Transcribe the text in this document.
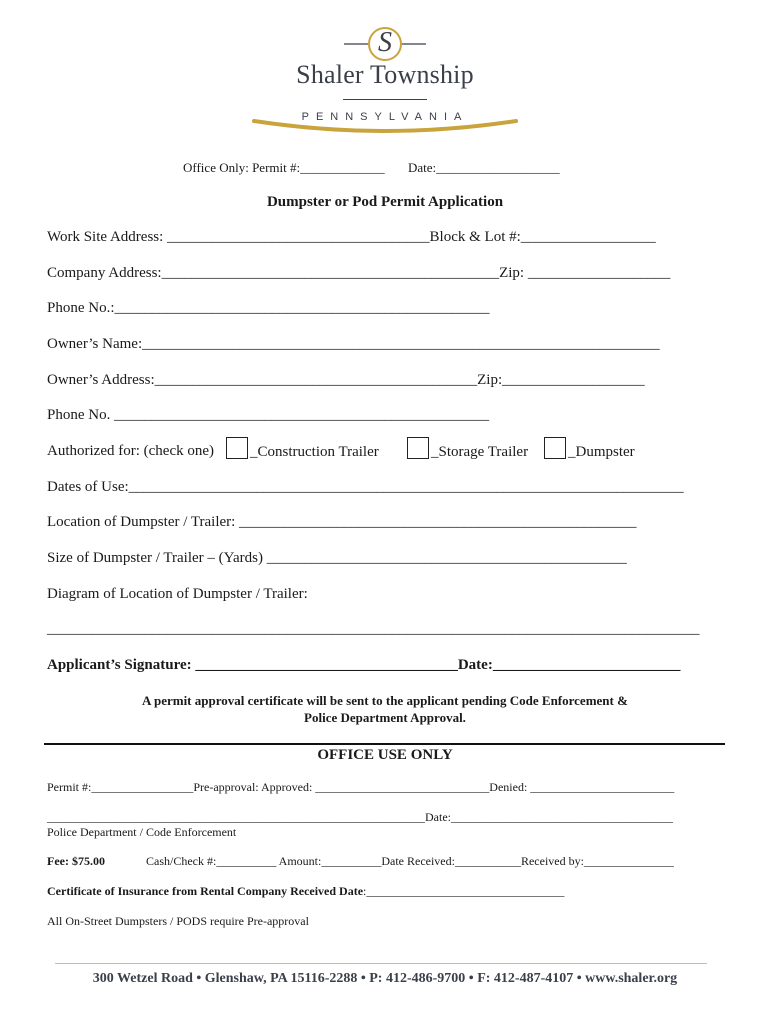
S
Shaler Township
PENNSYLVANIA
Office Only: Permit #:_____________ Date:___________________
Dumpster or Pod Permit Application
Work Site Address: ___________________________________Block & Lot #:__________________
Company Address:_____________________________________________Zip: ___________________
Phone No.:__________________________________________________
Owner’s Name:_____________________________________________________________________
Owner’s Address:___________________________________________Zip:___________________
Phone No. __________________________________________________
Authorized for: (check one)	_Construction Trailer	_Storage Trailer	_Dumpster
Dates of Use:__________________________________________________________________________
Location of Dumpster / Trailer: _____________________________________________________
Size of Dumpster / Trailer – (Yards) ________________________________________________
Diagram of Location of Dumpster / Trailer:
_______________________________________________________________________________________
Applicant’s Signature: ___________________________________Date:_________________________
A permit approval certificate will be sent to the applicant pending Code Enforcement &
Police Department Approval.
OFFICE USE ONLY
Permit #:_________________Pre-approval: Approved: _____________________________Denied: ________________________
_______________________________________________________________Date:_____________________________________
Police Department / Code Enforcement
Fee: $75.00	Cash/Check #:__________ Amount:__________Date Received:___________Received by:_______________
Certificate of Insurance from Rental Company Received Date:_________________________________
All On-Street Dumpsters / PODS require Pre-approval
300 Wetzel Road • Glenshaw, PA 15116-2288 • P: 412-486-9700 • F: 412-487-4107 • www.shaler.org
